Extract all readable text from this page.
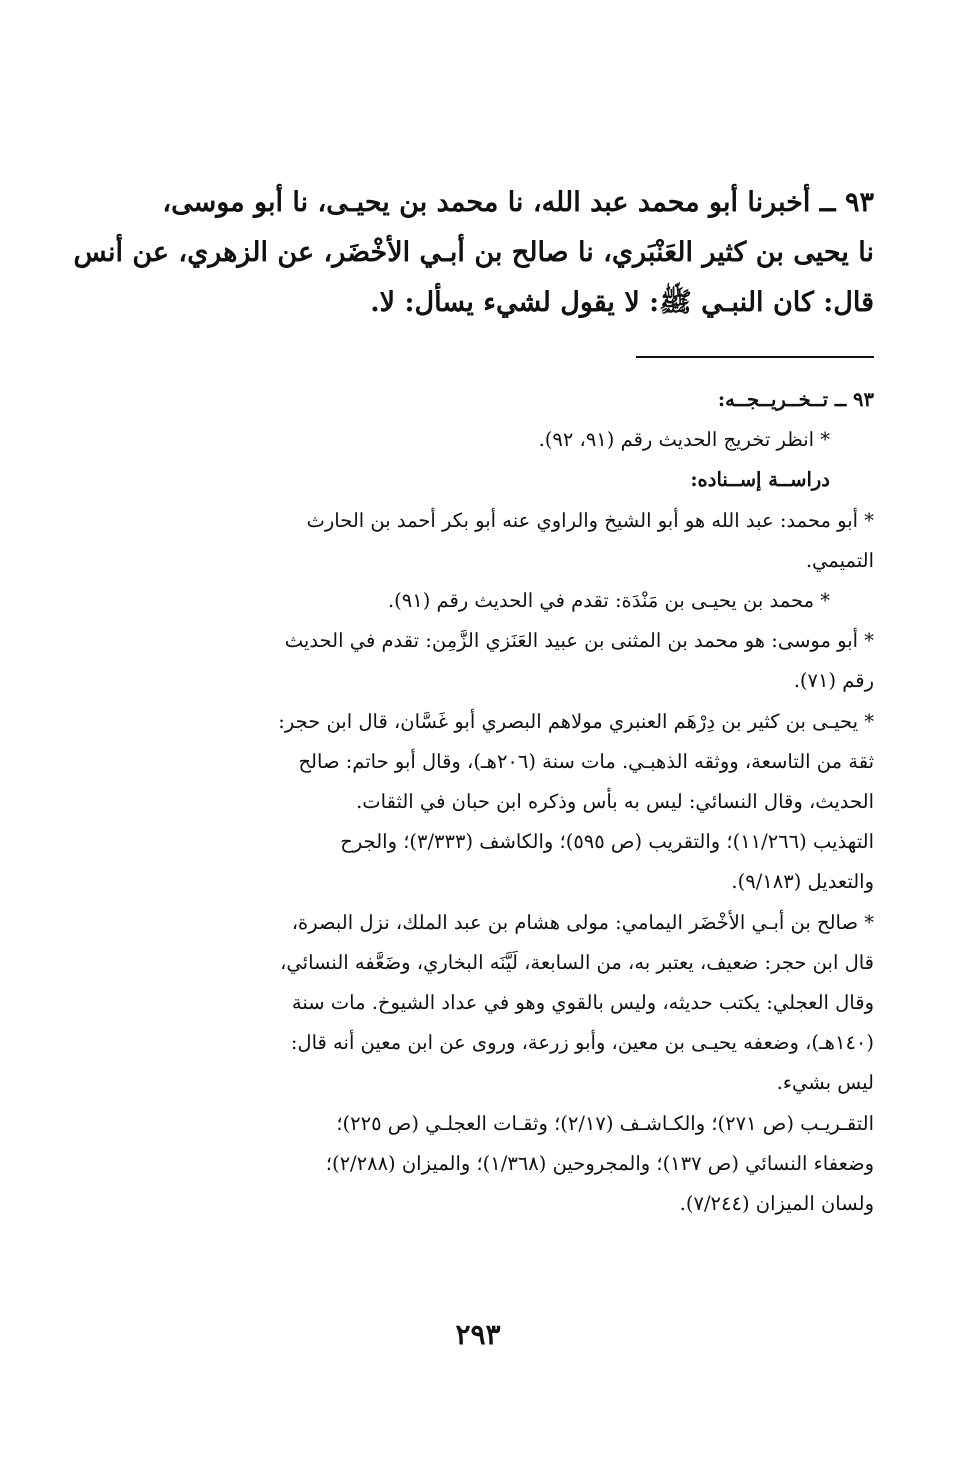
٩٣ ــ أخبرنا أبو محمد عبد الله، نا محمد بن يحيـى، نا أبو موسى،
نا يحيى بن كثير العَنْبَري، نا صالح بن أبـي الأخْضَر، عن الزهري، عن أنس
قال: كان النبـي ﷺ: لا يقول لشيء يسأل: لا.
٩٣ ــ تــخــريــجــه:
* انظر تخريج الحديث رقم (٩١، ٩٢).
دراســة إســناده:
* أبو محمد: عبد الله هو أبو الشيخ والراوي عنه أبو بكر أحمد بن الحارث
التميمي.
* محمد بن يحيـى بن مَنْدَة: تقدم في الحديث رقم (٩١).
* أبو موسى: هو محمد بن المثنى بن عبيد العَنَزي الزَّمِن: تقدم في الحديث
رقم (٧١).
* يحيـى بن كثير بن دِرْهَم العنبري مولاهم البصري أبو غَسَّان، قال ابن حجر:
ثقة من التاسعة، ووثقه الذهبـي. مات سنة (٢٠٦هـ)، وقال أبو حاتم: صالح
الحديث، وقال النسائي: ليس به بأس وذكره ابن حبان في الثقات.
التهذيب (١١/٢٦٦)؛ والتقريب (ص ٥٩٥)؛ والكاشف (٣/٣٣٣)؛ والجرح
والتعديل (٩/١٨٣).
* صالح بن أبـي الأخْضَر اليمامي: مولى هشام بن عبد الملك، نزل البصرة،
قال ابن حجر: ضعيف، يعتبر به، من السابعة، لَيَّنَه البخاري، وضَعَّفه النسائي،
وقال العجلي: يكتب حديثه، وليس بالقوي وهو في عداد الشيوخ. مات سنة
(١٤٠هـ)، وضعفه يحيـى بن معين، وأبو زرعة، وروى عن ابن معين أنه قال:
ليس بشيء.
التقـريـب (ص ٢٧١)؛ والكـاشـف (٢/١٧)؛ وثقـات العجلـي (ص ٢٢٥)؛
وضعفاء النسائي (ص ١٣٧)؛ والمجروحين (١/٣٦٨)؛ والميزان (٢/٢٨٨)؛
ولسان الميزان (٧/٢٤٤).
٢٩٣
